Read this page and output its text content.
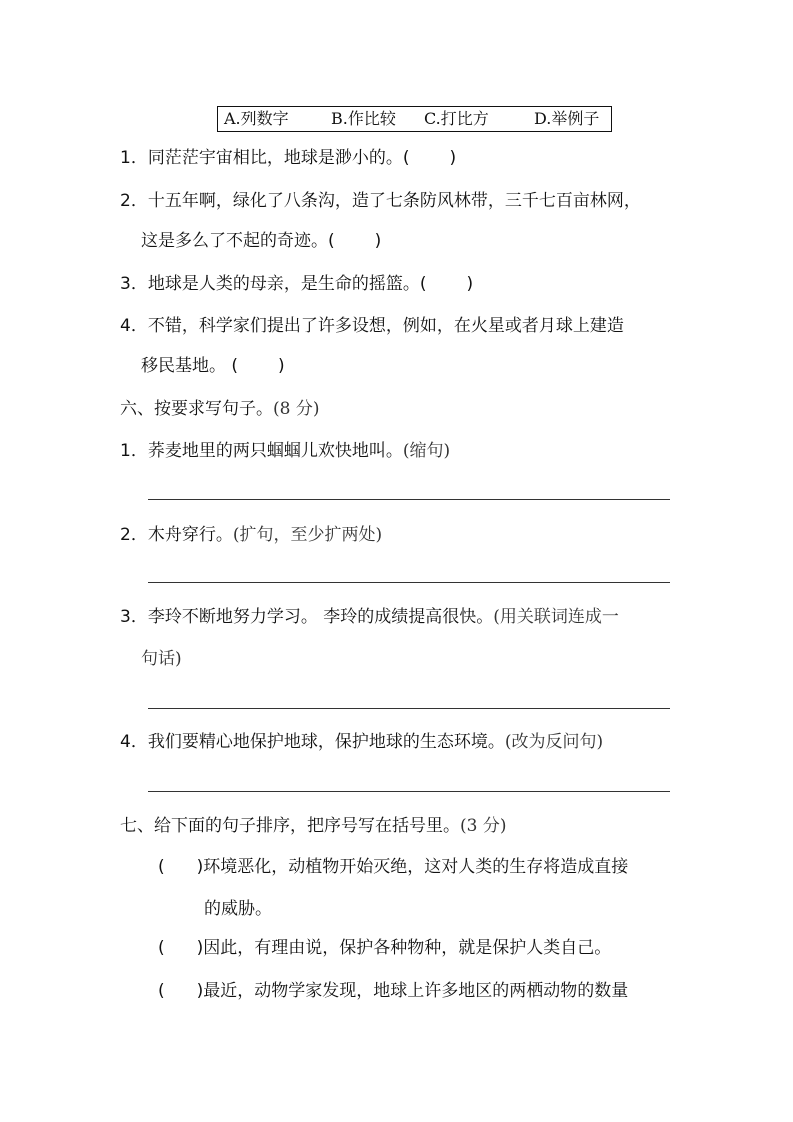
A.列数字	B.作比较 C.打比方	D.举例子
1．同茫茫宇宙相比，地球是渺小的。( )
2．十五年啊，绿化了八条沟，造了七条防风林带，三千七百亩林网，
这是多么了不起的奇迹。( )
3．地球是人类的母亲，是生命的摇篮。( )
4．不错，科学家们提出了许多设想，例如，在火星或者月球上建造
移民基地。 ( )
六、按要求写句子。(8 分)
1．荞麦地里的两只蝈蝈儿欢快地叫。(缩句)
2．木舟穿行。(扩句，至少扩两处)
3．李玲不断地努力学习。 李玲的成绩提高很快。(用关联词连成一
句话)
4．我们要精心地保护地球，保护地球的生态环境。(改为反问句)
七、给下面的句子排序，把序号写在括号里。(3 分)
( )环境恶化，动植物开始灭绝，这对人类的生存将造成直接
的威胁。
( )因此，有理由说，保护各种物种，就是保护人类自己。
( )最近，动物学家发现，地球上许多地区的两栖动物的数量
